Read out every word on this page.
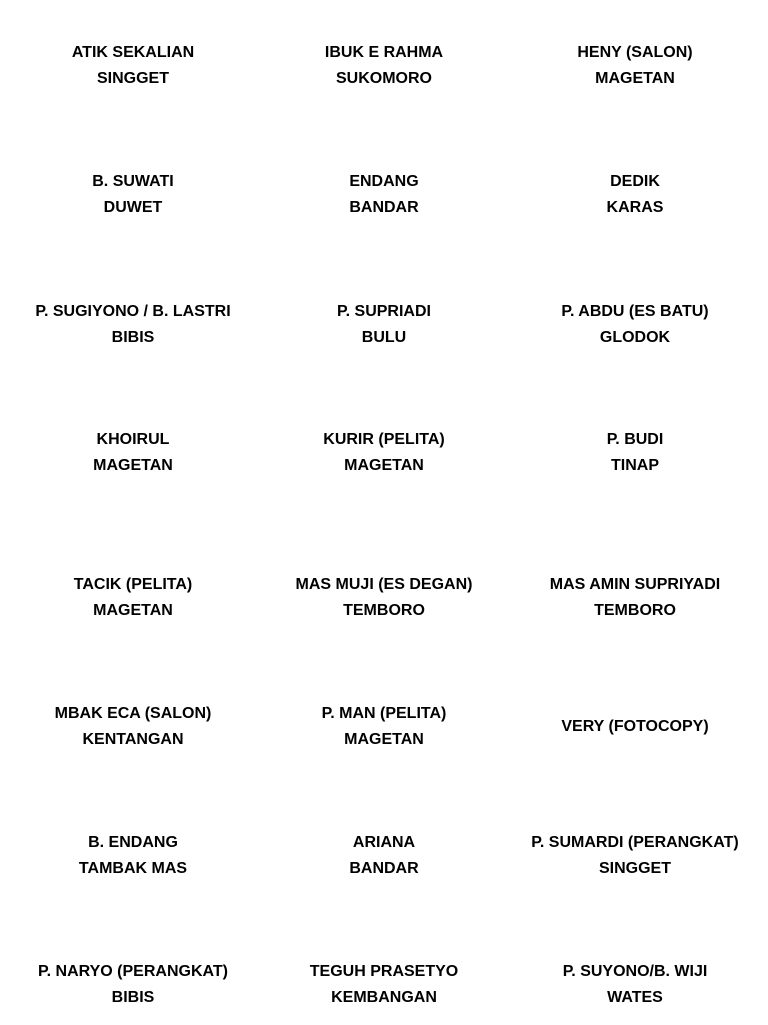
ATIK SEKALIAN
SINGGET
IBUK E RAHMA
SUKOMORO
HENY (SALON)
MAGETAN
B. SUWATI
DUWET
ENDANG
BANDAR
DEDIK
KARAS
P. SUGIYONO / B. LASTRI
BIBIS
P. SUPRIADI
BULU
P. ABDU (ES BATU)
GLODOK
KHOIRUL
MAGETAN
KURIR (PELITA)
MAGETAN
P. BUDI
TINAP
TACIK (PELITA)
MAGETAN
MAS MUJI (ES DEGAN)
TEMBORO
MAS AMIN SUPRIYADI
TEMBORO
MBAK ECA (SALON)
KENTANGAN
P. MAN (PELITA)
MAGETAN
VERY (FOTOCOPY)
B. ENDANG
TAMBAK MAS
ARIANA
BANDAR
P. SUMARDI (PERANGKAT)
SINGGET
P. NARYO (PERANGKAT)
BIBIS
TEGUH PRASETYO
KEMBANGAN
P. SUYONO/B. WIJI
WATES
